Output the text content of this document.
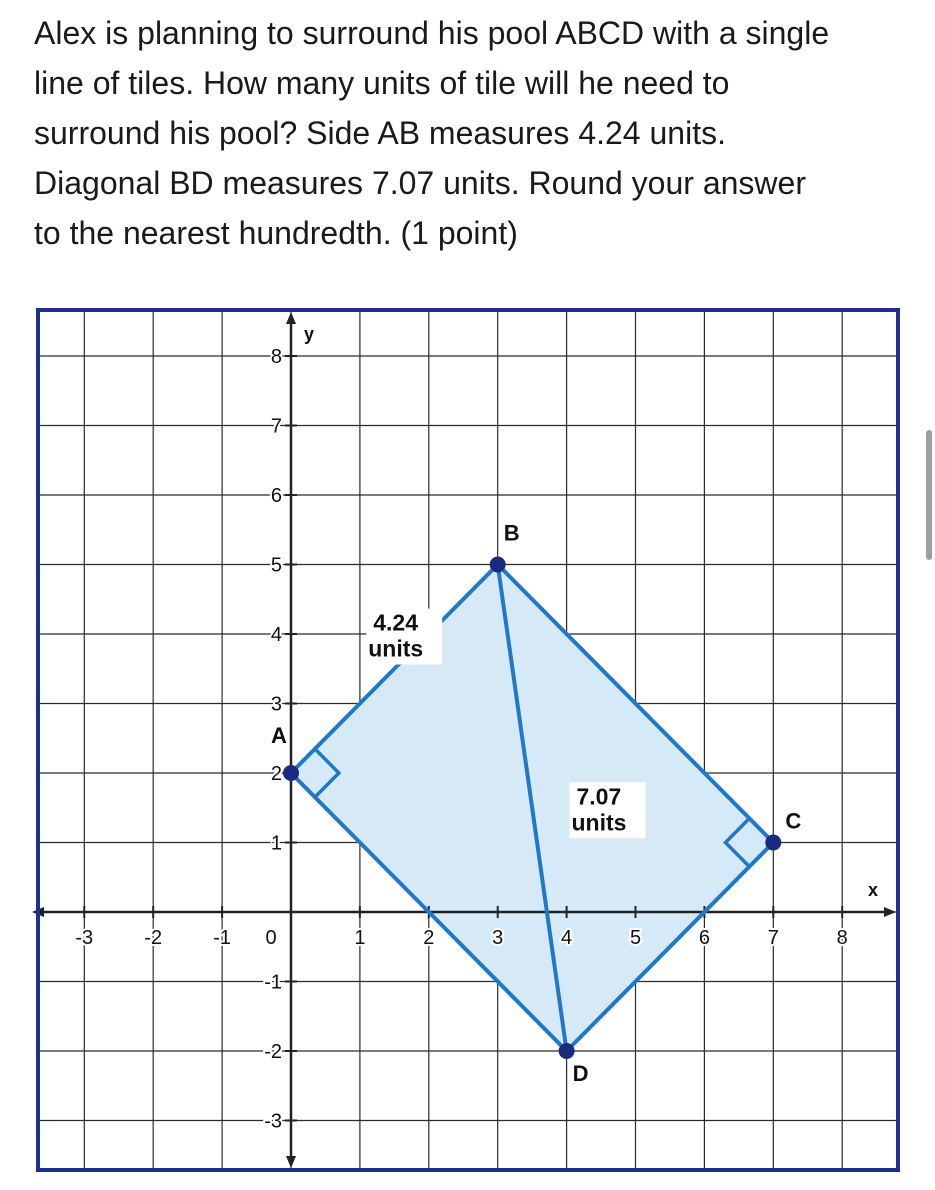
Alex is planning to surround his pool ABCD with a single
line of tiles. How many units of tile will he need to
surround his pool? Side AB measures 4.24 units.
Diagonal BD measures 7.07 units. Round your answer
to the nearest hundredth. (1 point)
-3	-2	-1 0	1	2	3	4	5	6	7	8
8
7
6
5
4
3
2
1
-1
-2
-3
y
x
A
B
C
D
4.24
units
7.07
units
